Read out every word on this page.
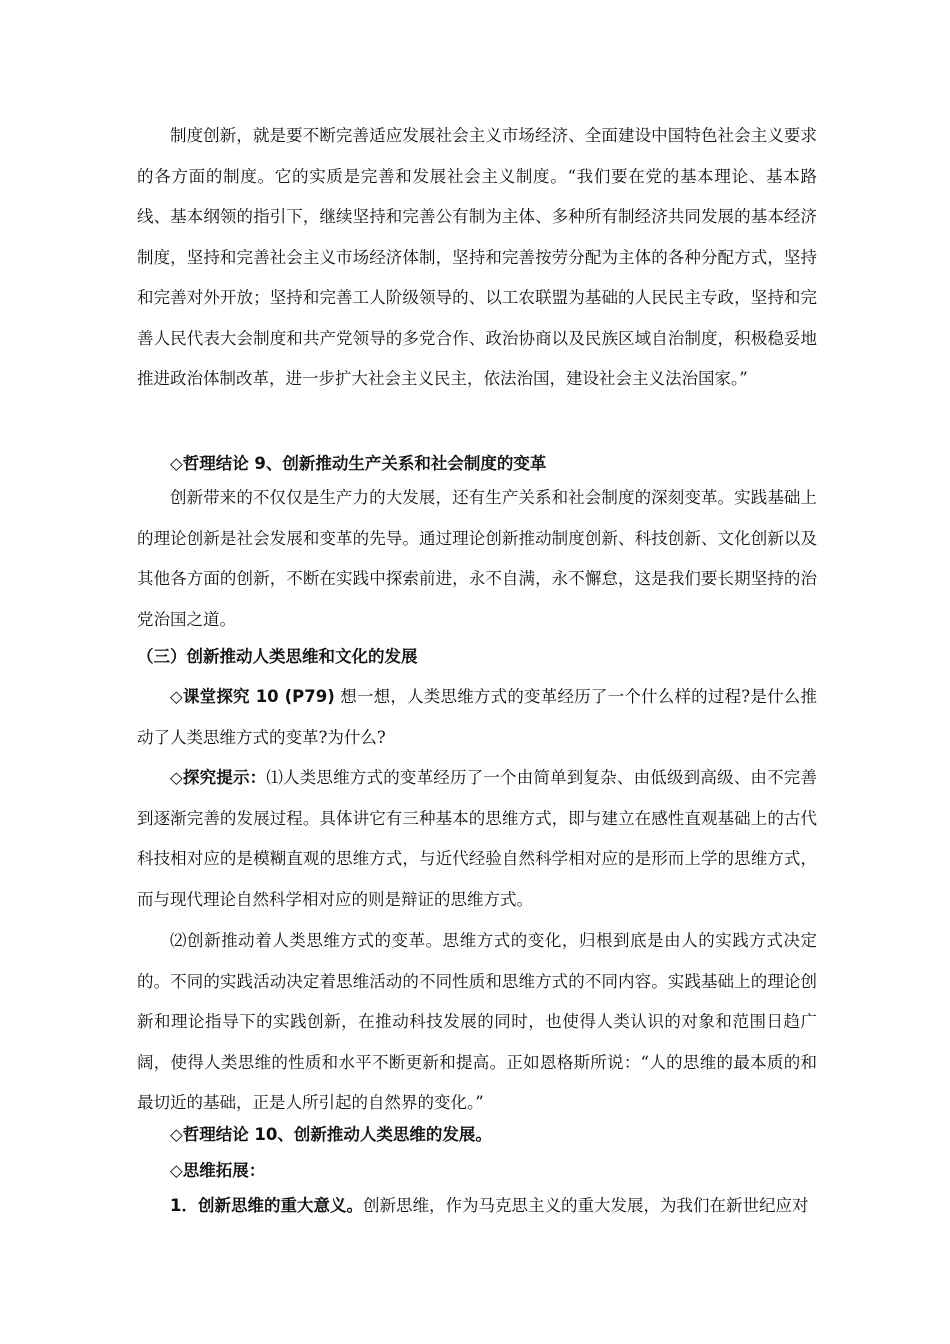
制度创新，就是要不断完善适应发展社会主义市场经济、全面建设中国特色社会主义要求的各方面的制度。它的实质是完善和发展社会主义制度。“我们要在党的基本理论、基本路线、基本纲领的指引下，继续坚持和完善公有制为主体、多种所有制经济共同发展的基本经济制度，坚持和完善社会主义市场经济体制，坚持和完善按劳分配为主体的各种分配方式，坚持和完善对外开放；坚持和完善工人阶级领导的、以工农联盟为基础的人民民主专政，坚持和完善人民代表大会制度和共产党领导的多党合作、政治协商以及民族区域自治制度，积极稳妥地推进政治体制改革，进一步扩大社会主义民主，依法治国，建设社会主义法治国家。”

◇哲理结论 9、创新推动生产关系和社会制度的变革

创新带来的不仅仅是生产力的大发展，还有生产关系和社会制度的深刻变革。实践基础上的理论创新是社会发展和变革的先导。通过理论创新推动制度创新、科技创新、文化创新以及其他各方面的创新，不断在实践中探索前进，永不自满，永不懈怠，这是我们要长期坚持的治党治国之道。

（三）创新推动人类思维和文化的发展

◇课堂探究 10 (P79) 想一想，人类思维方式的变革经历了一个什么样的过程?是什么推动了人类思维方式的变革?为什么?

◇探究提示：⑴人类思维方式的变革经历了一个由简单到复杂、由低级到高级、由不完善到逐渐完善的发展过程。具体讲它有三种基本的思维方式，即与建立在感性直观基础上的古代科技相对应的是模糊直观的思维方式，与近代经验自然科学相对应的是形而上学的思维方式，而与现代理论自然科学相对应的则是辩证的思维方式。

⑵创新推动着人类思维方式的变革。思维方式的变化，归根到底是由人的实践方式决定的。不同的实践活动决定着思维活动的不同性质和思维方式的不同内容。实践基础上的理论创新和理论指导下的实践创新，在推动科技发展的同时，也使得人类认识的对象和范围日趋广阔，使得人类思维的性质和水平不断更新和提高。正如恩格斯所说：“人的思维的最本质的和最切近的基础，正是人所引起的自然界的变化。”

◇哲理结论 10、创新推动人类思维的发展。

◇思维拓展：

1．创新思维的重大意义。创新思维，作为马克思主义的重大发展，为我们在新世纪应对
